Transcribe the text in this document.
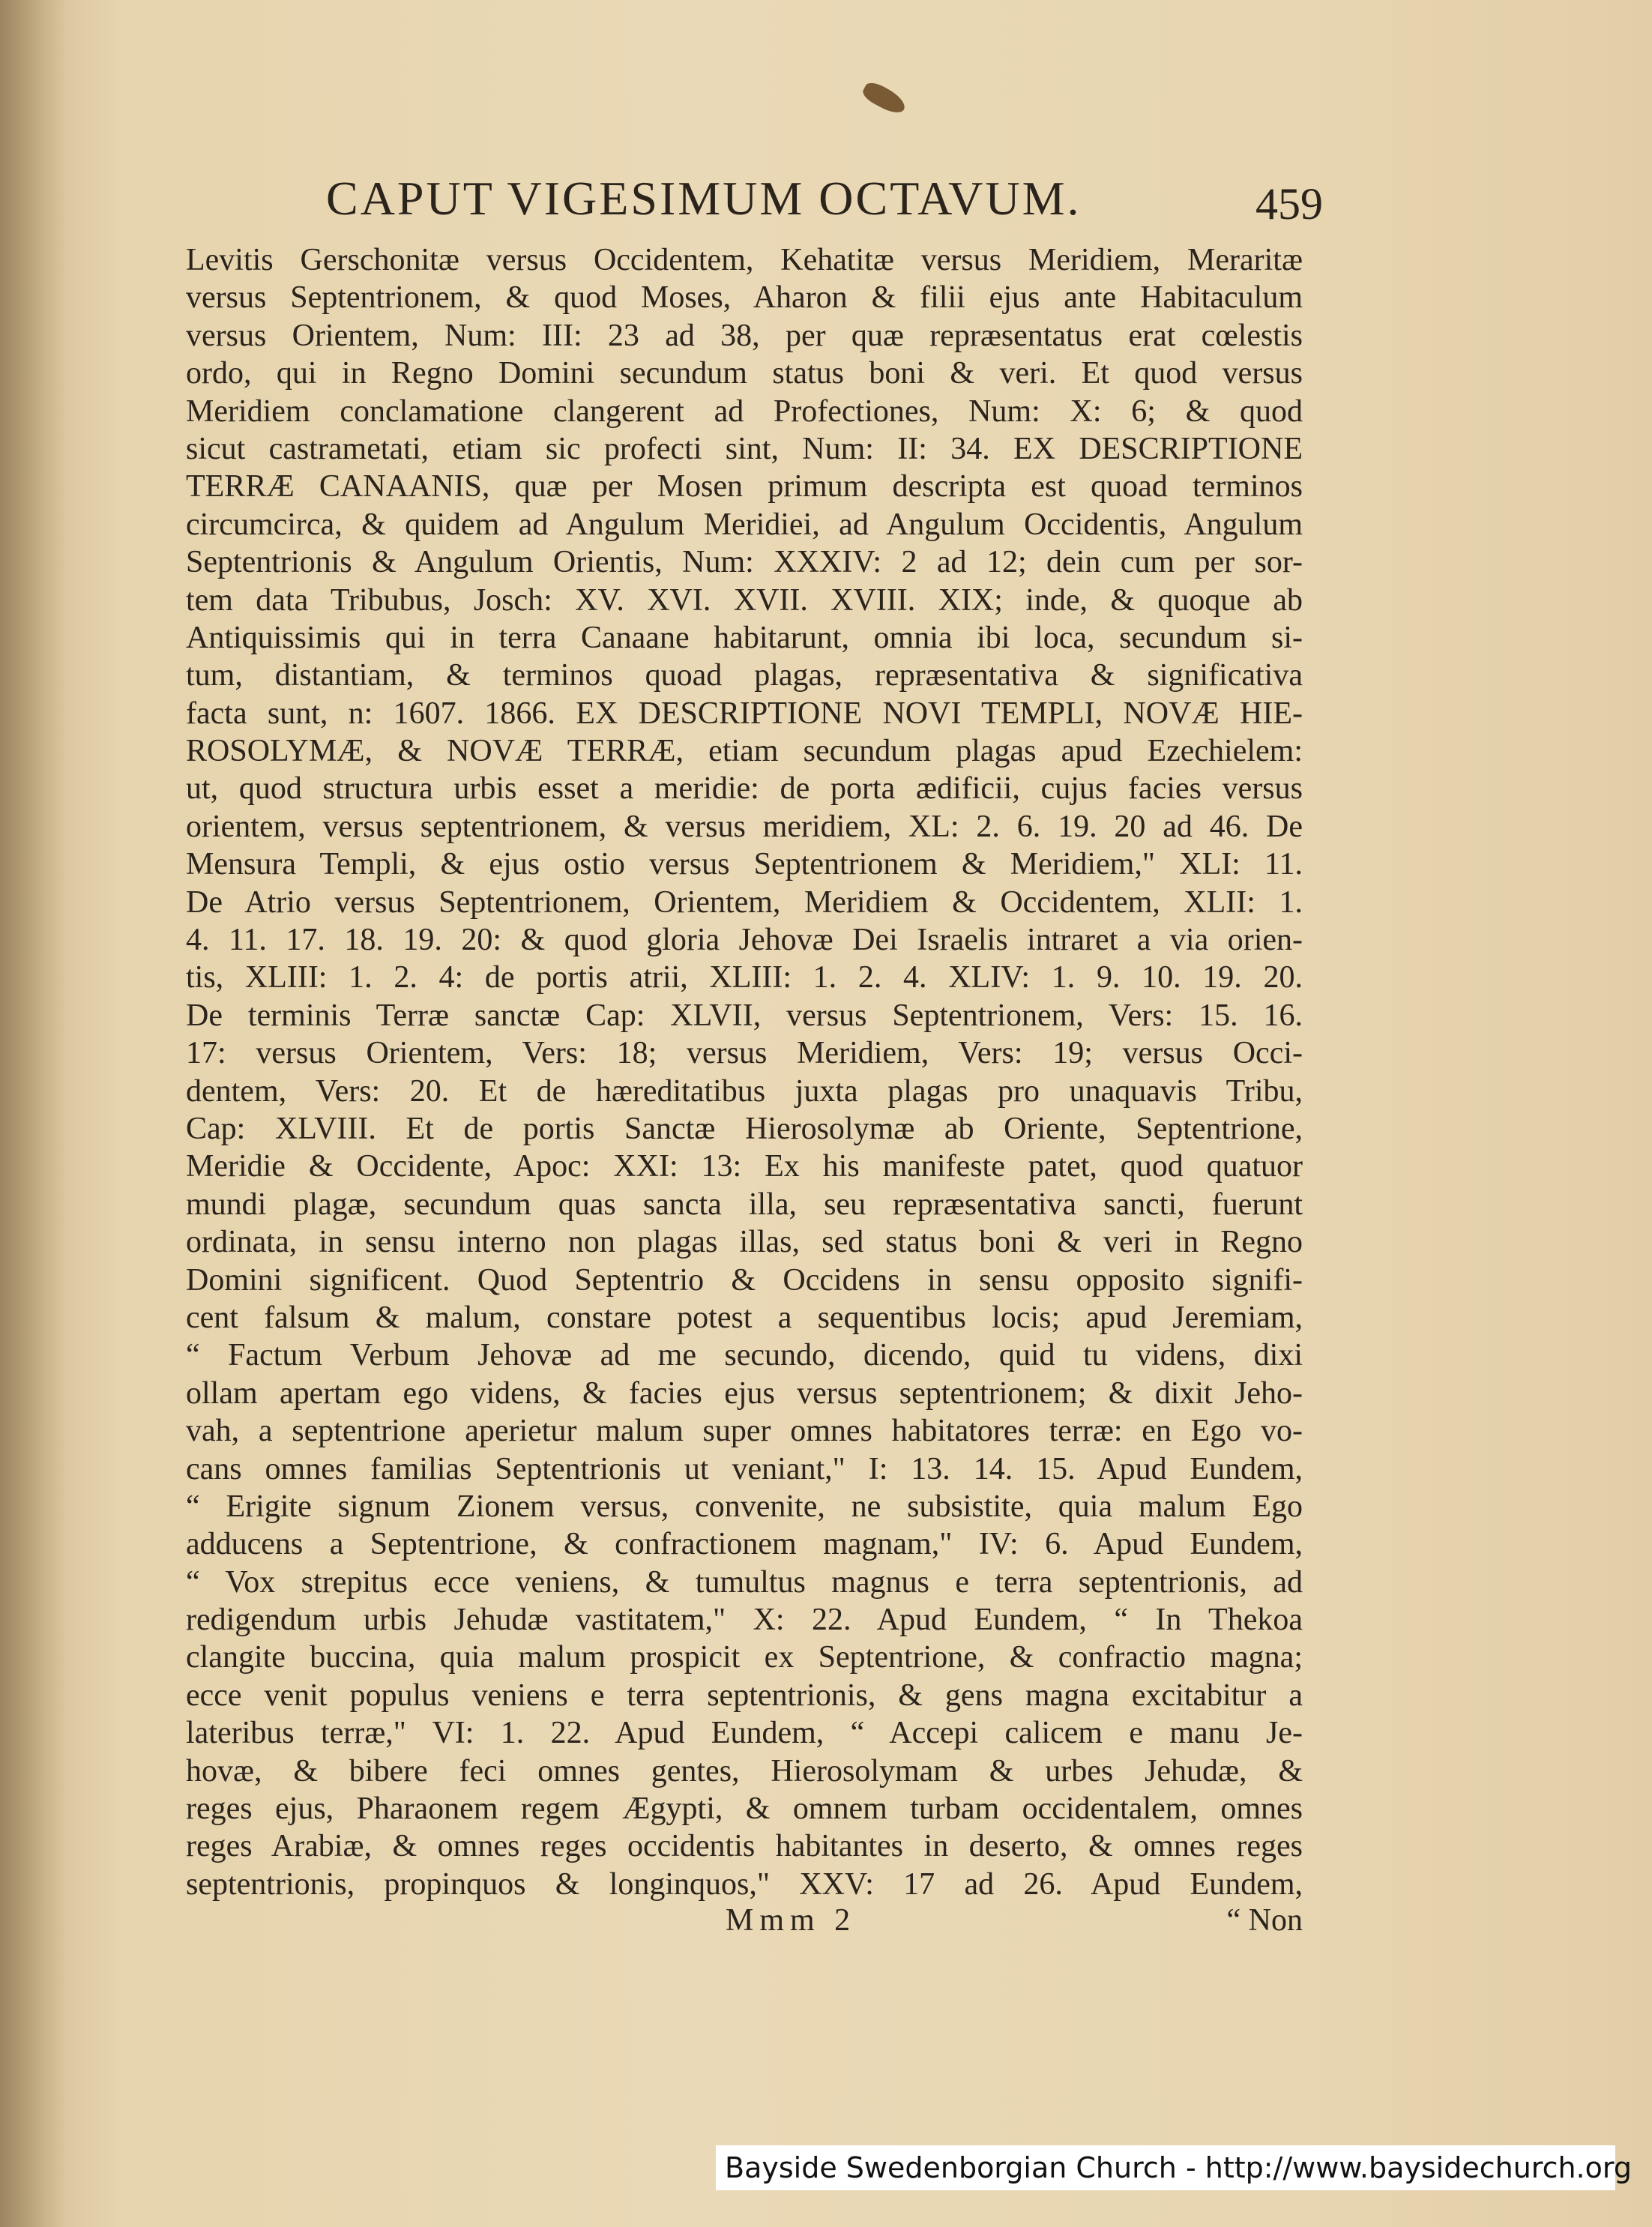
CAPUT VIGESIMUM OCTAVUM.	459
Levitis Gerschonitæ versus Occidentem, Kehatitæ versus Meridiem, Meraritæ
versus Septentrionem, & quod Moses, Aharon & filii ejus ante Habitaculum
versus Orientem, Num: III: 23 ad 38, per quæ repræsentatus erat cœlestis
ordo, qui in Regno Domini secundum status boni & veri. Et quod versus
Meridiem conclamatione clangerent ad Profectiones, Num: X: 6; & quod
sicut castrametati, etiam sic profecti sint, Num: II: 34. EX DESCRIPTIONE
TERRÆ CANAANIS, quæ per Mosen primum descripta est quoad terminos
circumcirca, & quidem ad Angulum Meridiei, ad Angulum Occidentis, Angulum
Septentrionis & Angulum Orientis, Num: XXXIV: 2 ad 12; dein cum per sor-
tem data Tribubus, Josch: XV. XVI. XVII. XVIII. XIX; inde, & quoque ab
Antiquissimis qui in terra Canaane habitarunt, omnia ibi loca, secundum si-
tum, distantiam, & terminos quoad plagas, repræsentativa & significativa
facta sunt, n: 1607. 1866. EX DESCRIPTIONE NOVI TEMPLI, NOVÆ HIE-
ROSOLYMÆ, & NOVÆ TERRÆ, etiam secundum plagas apud Ezechielem:
ut, quod structura urbis esset a meridie: de porta ædificii, cujus facies versus
orientem, versus septentrionem, & versus meridiem, XL: 2. 6. 19. 20 ad 46. De
Mensura Templi, & ejus ostio versus Septentrionem & Meridiem," XLI: 11.
De Atrio versus Septentrionem, Orientem, Meridiem & Occidentem, XLII: 1.
4. 11. 17. 18. 19. 20: & quod gloria Jehovæ Dei Israelis intraret a via orien-
tis, XLIII: 1. 2. 4: de portis atrii, XLIII: 1. 2. 4. XLIV: 1. 9. 10. 19. 20.
De terminis Terræ sanctæ Cap: XLVII, versus Septentrionem, Vers: 15. 16.
17: versus Orientem, Vers: 18; versus Meridiem, Vers: 19; versus Occi-
dentem, Vers: 20. Et de hæreditatibus juxta plagas pro unaquavis Tribu,
Cap: XLVIII. Et de portis Sanctæ Hierosolymæ ab Oriente, Septentrione,
Meridie & Occidente, Apoc: XXI: 13: Ex his manifeste patet, quod quatuor
mundi plagæ, secundum quas sancta illa, seu repræsentativa sancti, fuerunt
ordinata, in sensu interno non plagas illas, sed status boni & veri in Regno
Domini significent. Quod Septentrio & Occidens in sensu opposito signifi-
cent falsum & malum, constare potest a sequentibus locis; apud Jeremiam,
“ Factum Verbum Jehovæ ad me secundo, dicendo, quid tu videns, dixi
ollam apertam ego videns, & facies ejus versus septentrionem; & dixit Jeho-
vah, a septentrione aperietur malum super omnes habitatores terræ: en Ego vo-
cans omnes familias Septentrionis ut veniant," I: 13. 14. 15. Apud Eundem,
“ Erigite signum Zionem versus, convenite, ne subsistite, quia malum Ego
adducens a Septentrione, & confractionem magnam," IV: 6. Apud Eundem,
“ Vox strepitus ecce veniens, & tumultus magnus e terra septentrionis, ad
redigendum urbis Jehudæ vastitatem," X: 22. Apud Eundem, “ In Thekoa
clangite buccina, quia malum prospicit ex Septentrione, & confractio magna;
ecce venit populus veniens e terra septentrionis, & gens magna excitabitur a
lateribus terræ," VI: 1. 22. Apud Eundem, “ Accepi calicem e manu Je-
hovæ, & bibere feci omnes gentes, Hierosolymam & urbes Jehudæ, &
reges ejus, Pharaonem regem Ægypti, & omnem turbam occidentalem, omnes
reges Arabiæ, & omnes reges occidentis habitantes in deserto, & omnes reges
septentrionis, propinquos & longinquos," XXV: 17 ad 26. Apud Eundem,
Mmm 2	“ Non
Bayside Swedenborgian Church - http://www.baysidechurch.org
